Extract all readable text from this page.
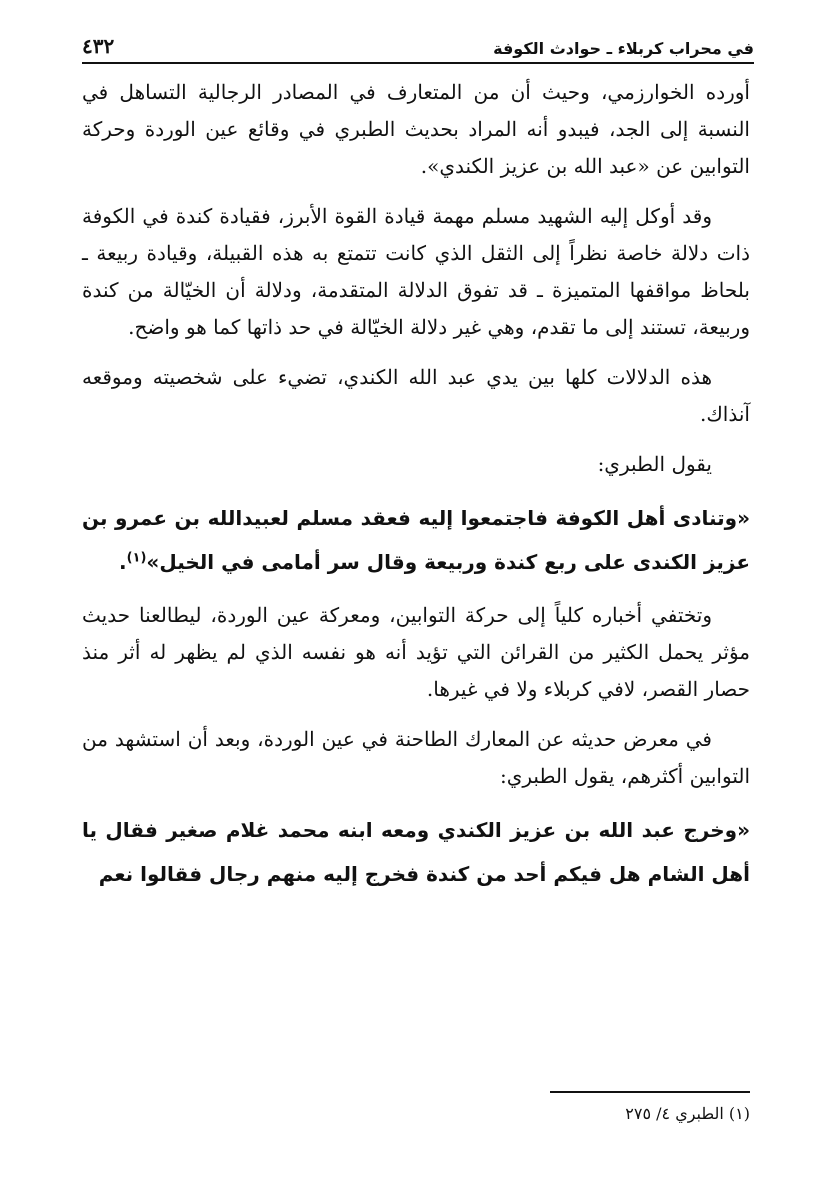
في محراب كربلاء ـ حوادث الكوفة
٤٣٢

أورده الخوارزمي، وحيث أن من المتعارف في المصادر الرجالية التساهل في النسبة إلى الجد، فيبدو أنه المراد بحديث الطبري في وقائع عين الوردة وحركة التوابين عن «عبد الله بن عزيز الكندي».

وقد أوكل إليه الشهيد مسلم مهمة قيادة القوة الأبرز، فقيادة كندة في الكوفة ذات دلالة خاصة نظراً إلى الثقل الذي كانت تتمتع به هذه القبيلة، وقيادة ربيعة ـ بلحاظ مواقفها المتميزة ـ قد تفوق الدلالة المتقدمة، ودلالة أن الخيّالة من كندة وربيعة، تستند إلى ما تقدم، وهي غير دلالة الخيّالة في حد ذاتها كما هو واضح.

هذه الدلالات كلها بين يدي عبد الله الكندي، تضيء على شخصيته وموقعه آنذاك.

يقول الطبري:

«وتنادى أهل الكوفة فاجتمعوا إليه فعقد مسلم لعبيدالله بن عمرو بن عزيز الكندى على ربع كندة وربيعة وقال سر أمامى في الخيل»$^{(١)}$.

وتختفي أخباره كلياً إلى حركة التوابين، ومعركة عين الوردة، ليطالعنا حديث مؤثر يحمل الكثير من القرائن التي تؤيد أنه هو نفسه الذي لم يظهر له أثر منذ حصار القصر، لافي كربلاء ولا في غيرها.

في معرض حديثه عن المعارك الطاحنة في عين الوردة، وبعد أن استشهد من التوابين أكثرهم، يقول الطبري:

«وخرج عبد الله بن عزيز الكندي ومعه ابنه محمد غلام صغير فقال يا أهل الشام هل فيكم أحد من كندة فخرج إليه منهم رجال فقالوا نعم

(١) الطبري ٤/ ٢٧٥
